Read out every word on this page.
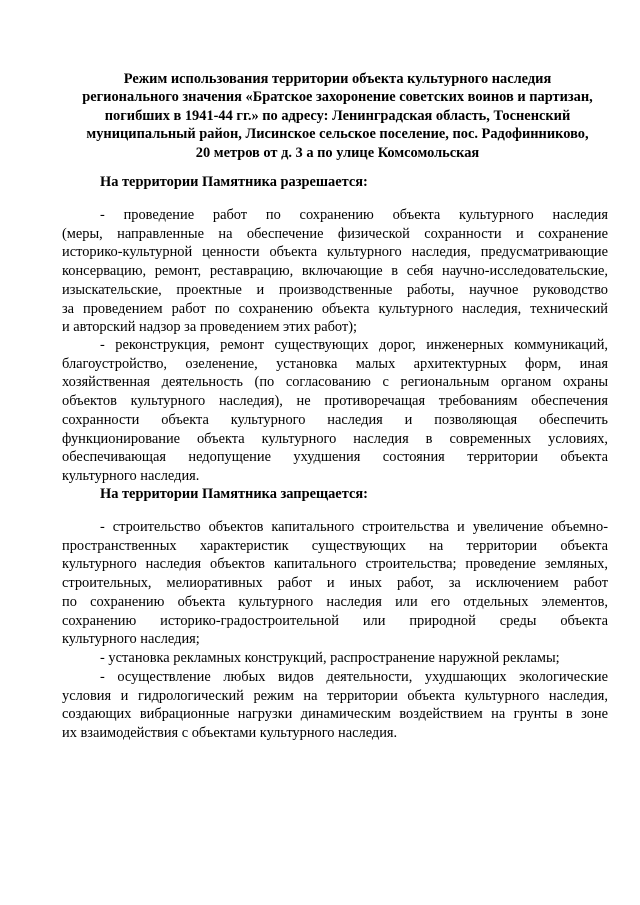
Режим использования территории объекта культурного наследия
регионального значения «Братское захоронение советских воинов и партизан,
погибших в 1941-44 гг.» по адресу: Ленинградская область, Тосненский
муниципальный район, Лисинское сельское поселение, пос. Радофинниково,
20 метров от д. 3 а по улице Комсомольская
На территории Памятника разрешается:
- проведение работ по сохранению объекта культурного наследия
(меры, направленные на обеспечение физической сохранности и сохранение
историко-культурной ценности объекта культурного наследия, предусматривающие
консервацию, ремонт, реставрацию, включающие в себя научно-исследовательские,
изыскательские, проектные и производственные работы, научное руководство
за проведением работ по сохранению объекта культурного наследия, технический
и авторский надзор за проведением этих работ);
- реконструкция, ремонт существующих дорог, инженерных коммуникаций,
благоустройство, озеленение, установка малых архитектурных форм, иная
хозяйственная деятельность (по согласованию с региональным органом охраны
объектов культурного наследия), не противоречащая требованиям обеспечения
сохранности объекта культурного наследия и позволяющая обеспечить
функционирование объекта культурного наследия в современных условиях,
обеспечивающая недопущение ухудшения состояния территории объекта
культурного наследия.
На территории Памятника запрещается:
- строительство объектов капитального строительства и увеличение объемно-
пространственных характеристик существующих на территории объекта
культурного наследия объектов капитального строительства; проведение земляных,
строительных, мелиоративных работ и иных работ, за исключением работ
по сохранению объекта культурного наследия или его отдельных элементов,
сохранению историко-градостроительной или природной среды объекта
культурного наследия;
- установка рекламных конструкций, распространение наружной рекламы;
- осуществление любых видов деятельности, ухудшающих экологические
условия и гидрологический режим на территории объекта культурного наследия,
создающих вибрационные нагрузки динамическим воздействием на грунты в зоне
их взаимодействия с объектами культурного наследия.
